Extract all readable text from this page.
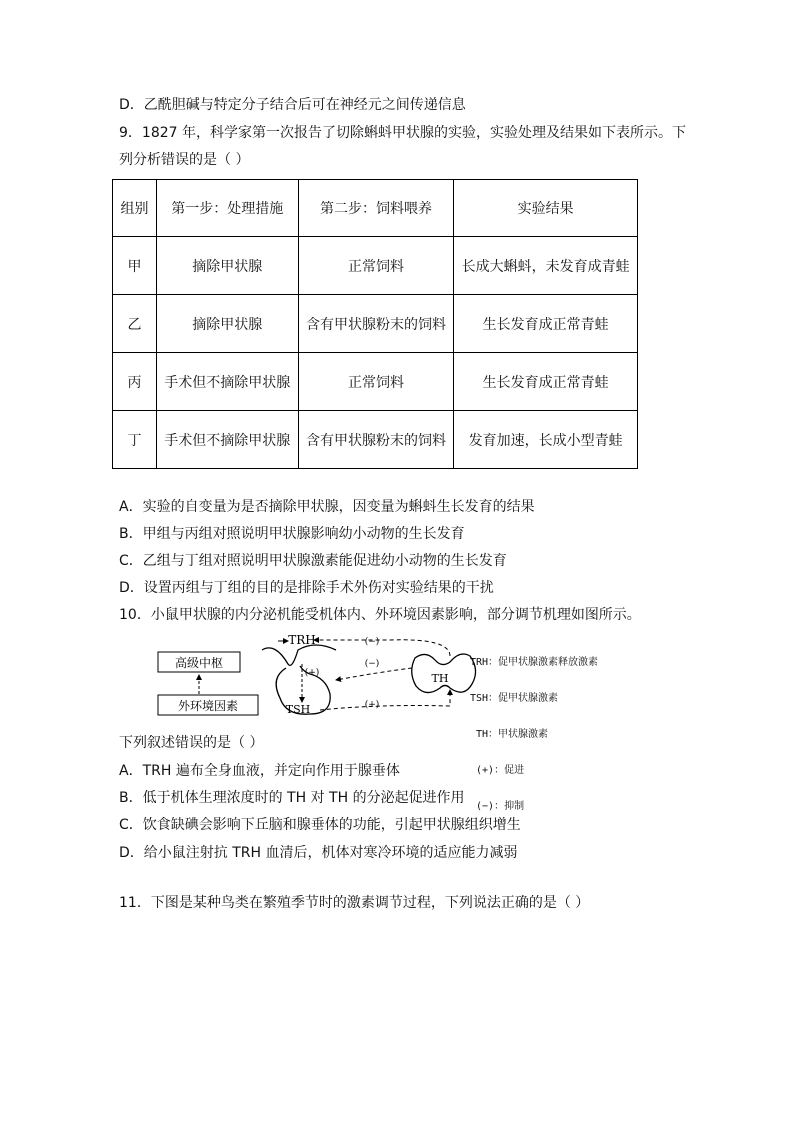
D．乙酰胆碱与特定分子结合后可在神经元之间传递信息
9．1827 年，科学家第一次报告了切除蝌蚪甲状腺的实验，实验处理及结果如下表所示。下
列分析错误的是（ ）
组别	第一步：处理措施	第二步：饲料喂养	实验结果
甲	摘除甲状腺	正常饲料	长成大蝌蚪，未发育成青蛙
乙	摘除甲状腺	含有甲状腺粉末的饲料	生长发育成正常青蛙
丙	手术但不摘除甲状腺	正常饲料	生长发育成正常青蛙
丁	手术但不摘除甲状腺	含有甲状腺粉末的饲料	发育加速，长成小型青蛙
A．实验的自变量为是否摘除甲状腺，因变量为蝌蚪生长发育的结果
B．甲组与丙组对照说明甲状腺影响幼小动物的生长发育
C．乙组与丁组对照说明甲状腺激素能促进幼小动物的生长发育
D．设置丙组与丁组的目的是排除手术外伤对实验结果的干扰
10．小鼠甲状腺的内分泌机能受机体内、外环境因素影响，部分调节机理如图所示。
高级中枢
外环境因素
TRH
(+)
TSH	(+)
TH
(−)
(−)

	TRH：促甲状腺激素释放激素

TSH：促甲状腺激素

TH：甲状腺激素

(+)：促进

(−)：抑制

下列叙述错误的是（ ）
A．TRH 遍布全身血液，并定向作用于腺垂体
B．低于机体生理浓度时的 TH 对 TH 的分泌起促进作用
C．饮食缺碘会影响下丘脑和腺垂体的功能，引起甲状腺组织增生
D．给小鼠注射抗 TRH 血清后，机体对寒冷环境的适应能力减弱
11．下图是某种鸟类在繁殖季节时的激素调节过程，下列说法正确的是（ ）
